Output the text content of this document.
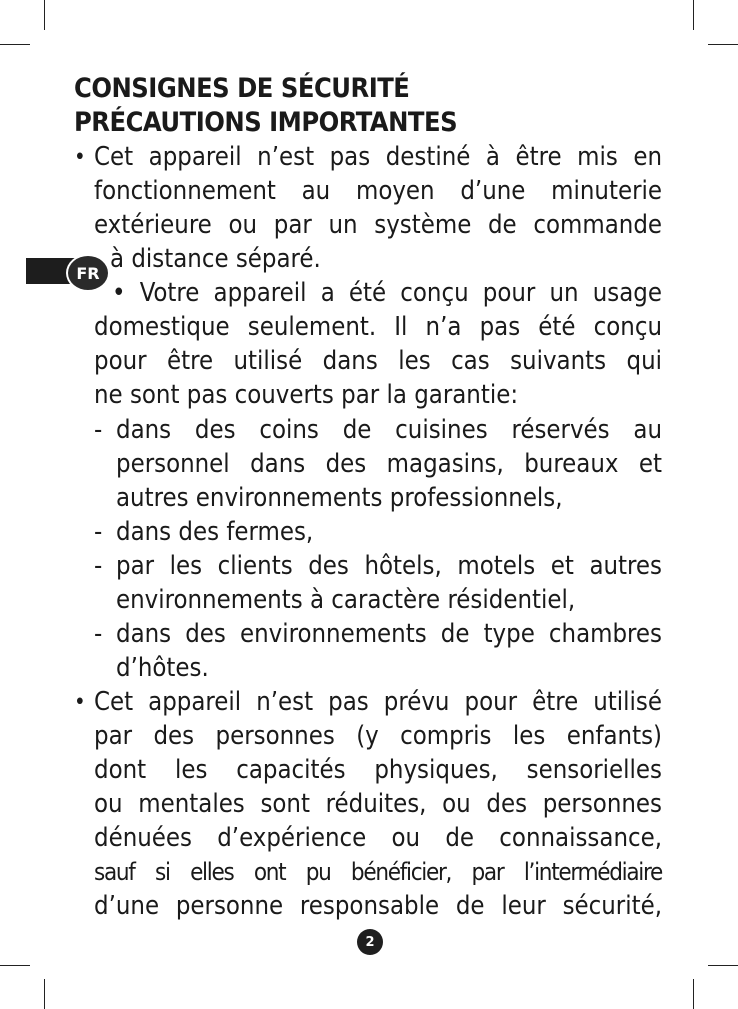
FR
CONSIGNES DE SÉCURITÉ
PRÉCAUTIONS IMPORTANTES
• Cet appareil n’est pas destiné à être mis en
fonctionnement au moyen d’une minuterie
extérieure ou par un système de commande
à distance séparé.
• Votre appareil a été conçu pour un usage
domestique seulement. Il n’a pas été conçu
pour être utilisé dans les cas suivants qui
ne sont pas couverts par la garantie:
- dans des coins de cuisines réservés au
personnel dans des magasins, bureaux et
autres environnements professionnels,
- dans des fermes,
- par les clients des hôtels, motels et autres
environnements à caractère résidentiel,
- dans des environnements de type chambres
d’hôtes.
• Cet appareil n’est pas prévu pour être utilisé
par des personnes (y compris les enfants)
dont les capacités physiques, sensorielles
ou mentales sont réduites, ou des personnes
dénuées d’expérience ou de connaissance,
sauf si elles ont pu bénéficier, par l’intermédiaire
d’une personne responsable de leur sécurité,
2
